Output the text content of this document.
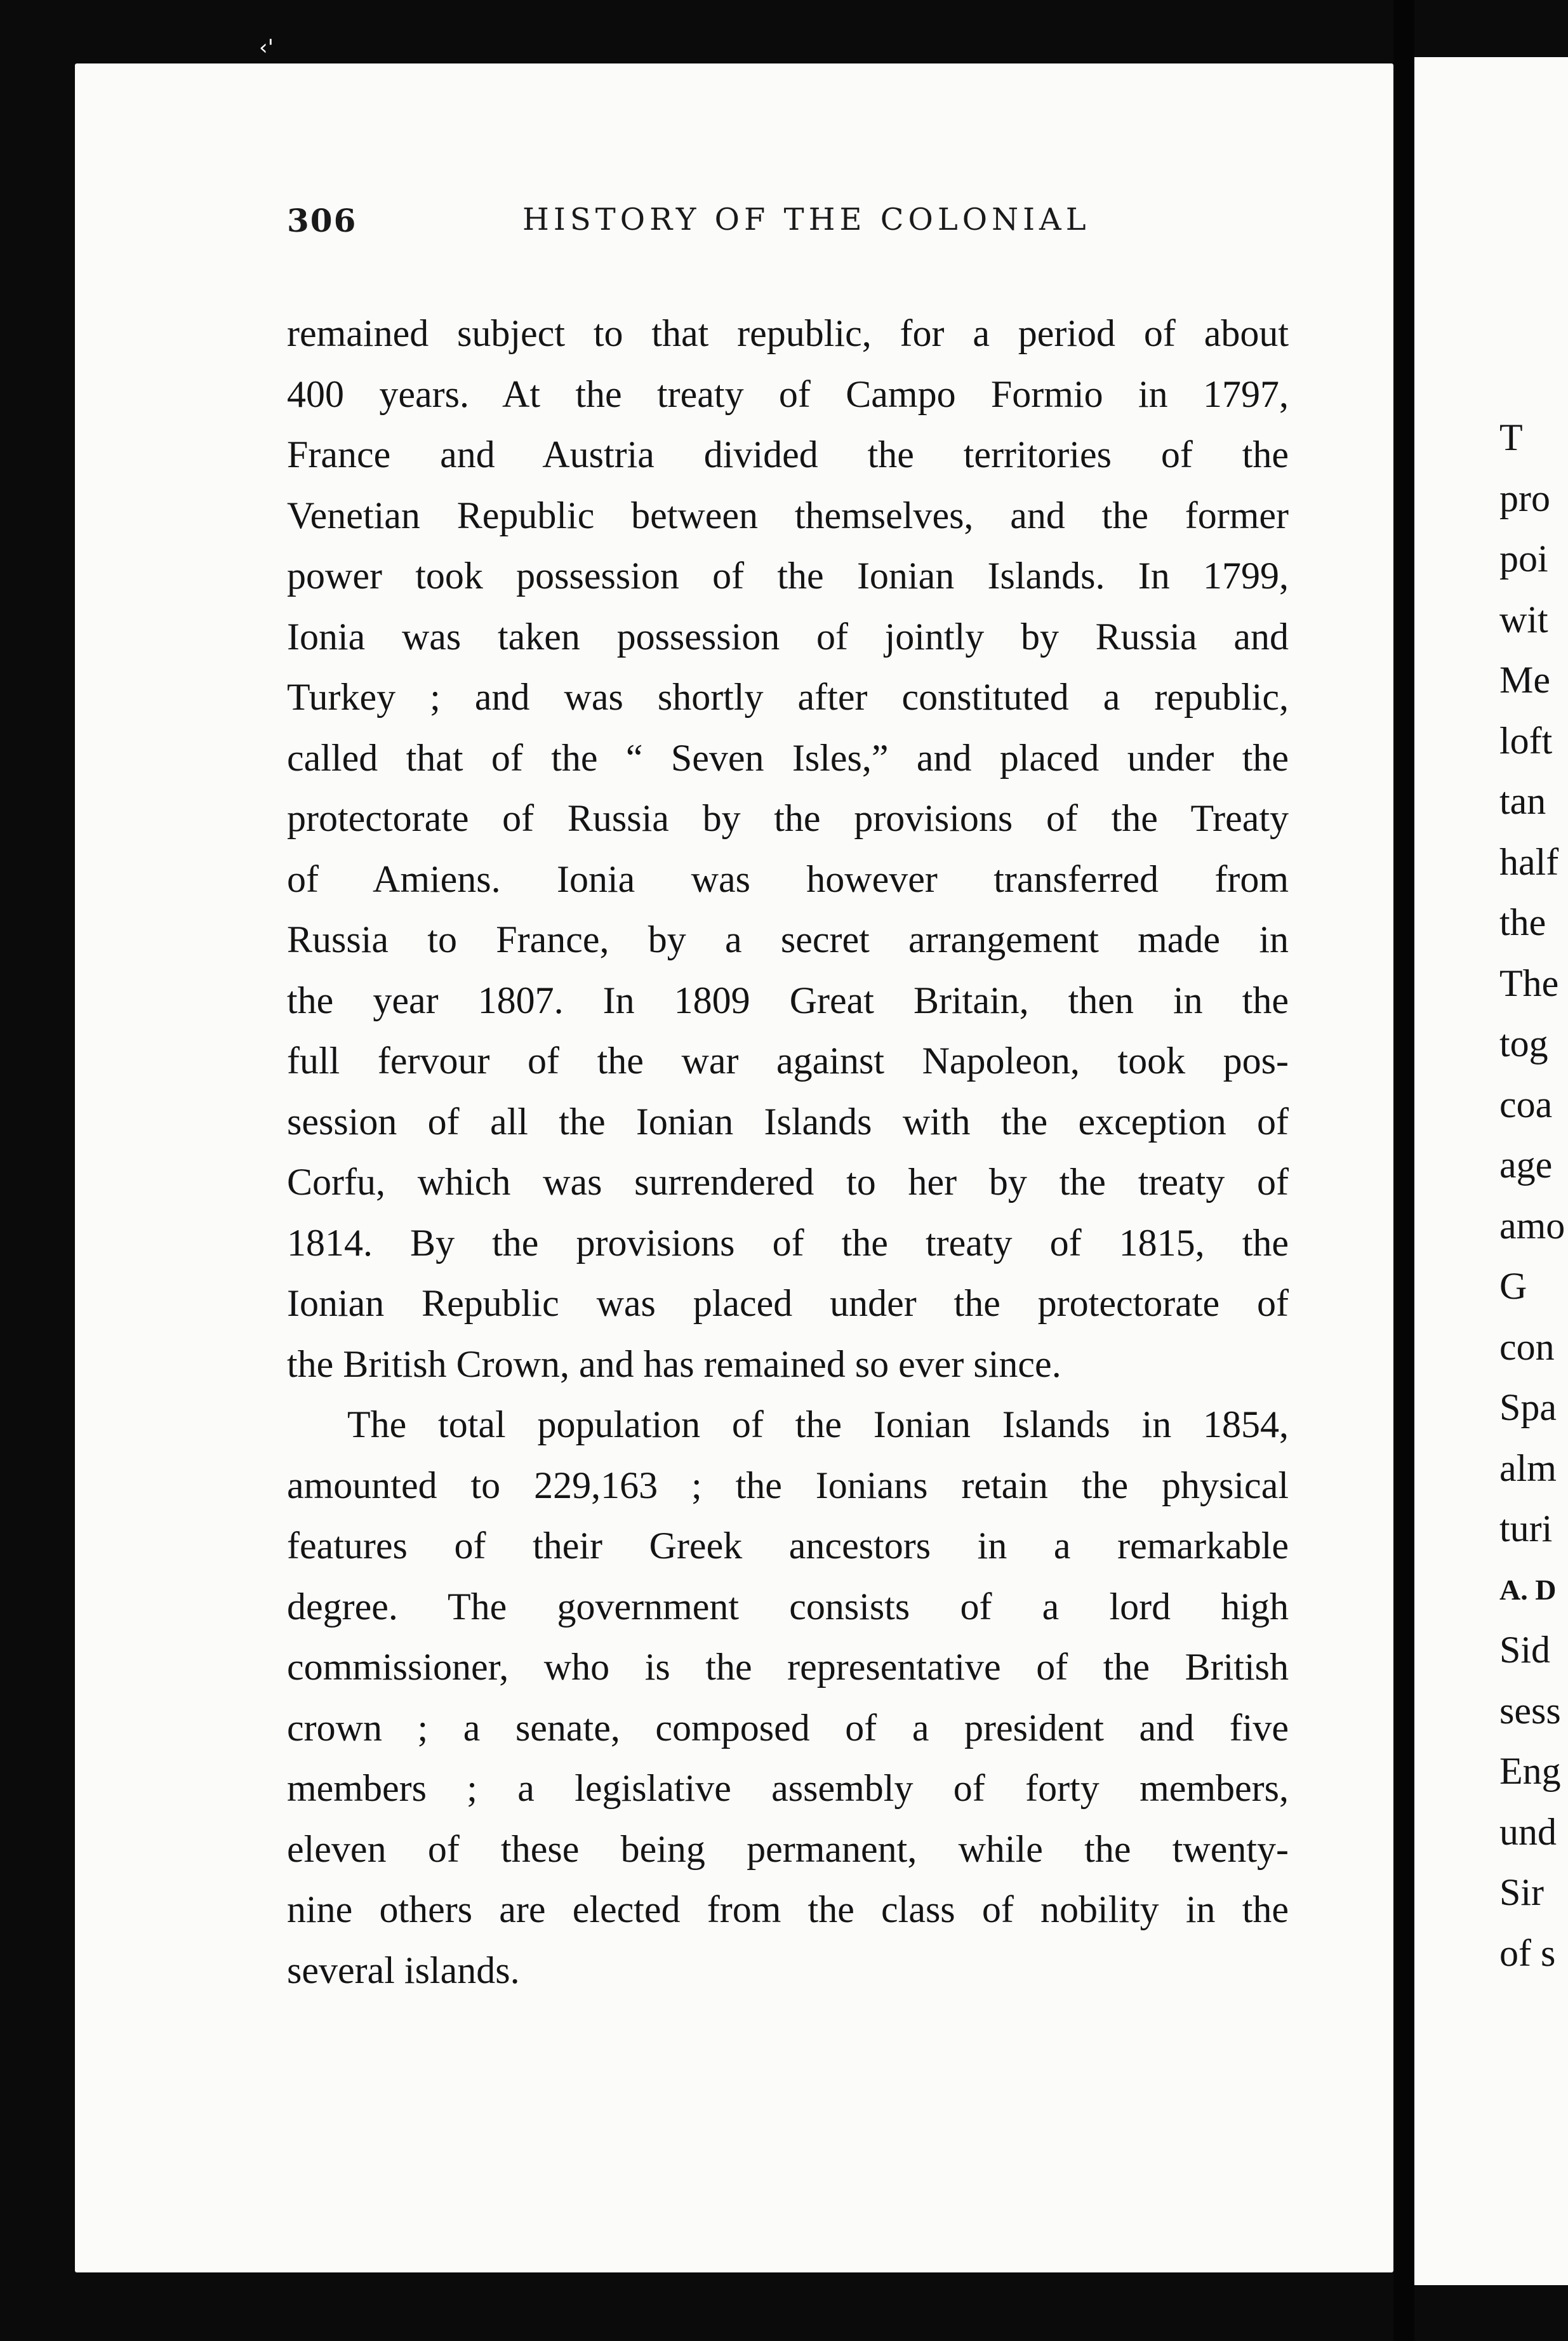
‹'
306	HISTORY OF THE COLONIAL
remained subject to that republic, for a period of about
400 years. At the treaty of Campo Formio in 1797,
France and Austria divided the territories of the
Venetian Republic between themselves, and the former
power took possession of the Ionian Islands. In 1799,
Ionia was taken possession of jointly by Russia and
Turkey ; and was shortly after constituted a republic,
called that of the “ Seven Isles,” and placed under the
protectorate of Russia by the provisions of the Treaty
of Amiens. Ionia was however transferred from
Russia to France, by a secret arrangement made in
the year 1807. In 1809 Great Britain, then in the
full fervour of the war against Napoleon, took pos-
session of all the Ionian Islands with the exception of
Corfu, which was surrendered to her by the treaty of
1814. By the provisions of the treaty of 1815, the
Ionian Republic was placed under the protectorate of
the British Crown, and has remained so ever since.
The total population of the Ionian Islands in 1854,
amounted to 229,163 ; the Ionians retain the physical
features of their Greek ancestors in a remarkable
degree. The government consists of a lord high
commissioner, who is the representative of the British
crown ; a senate, composed of a president and five
members ; a legislative assembly of forty members,
eleven of these being permanent, while the twenty-
nine others are elected from the class of nobility in the
several islands.
T
pro
poi
wit
Me
loft
tan
half
the
The
tog
coa
age
amo
G
con
Spa
alm
turi
A. D
Sid
sess
Eng
und
Sir
of s
